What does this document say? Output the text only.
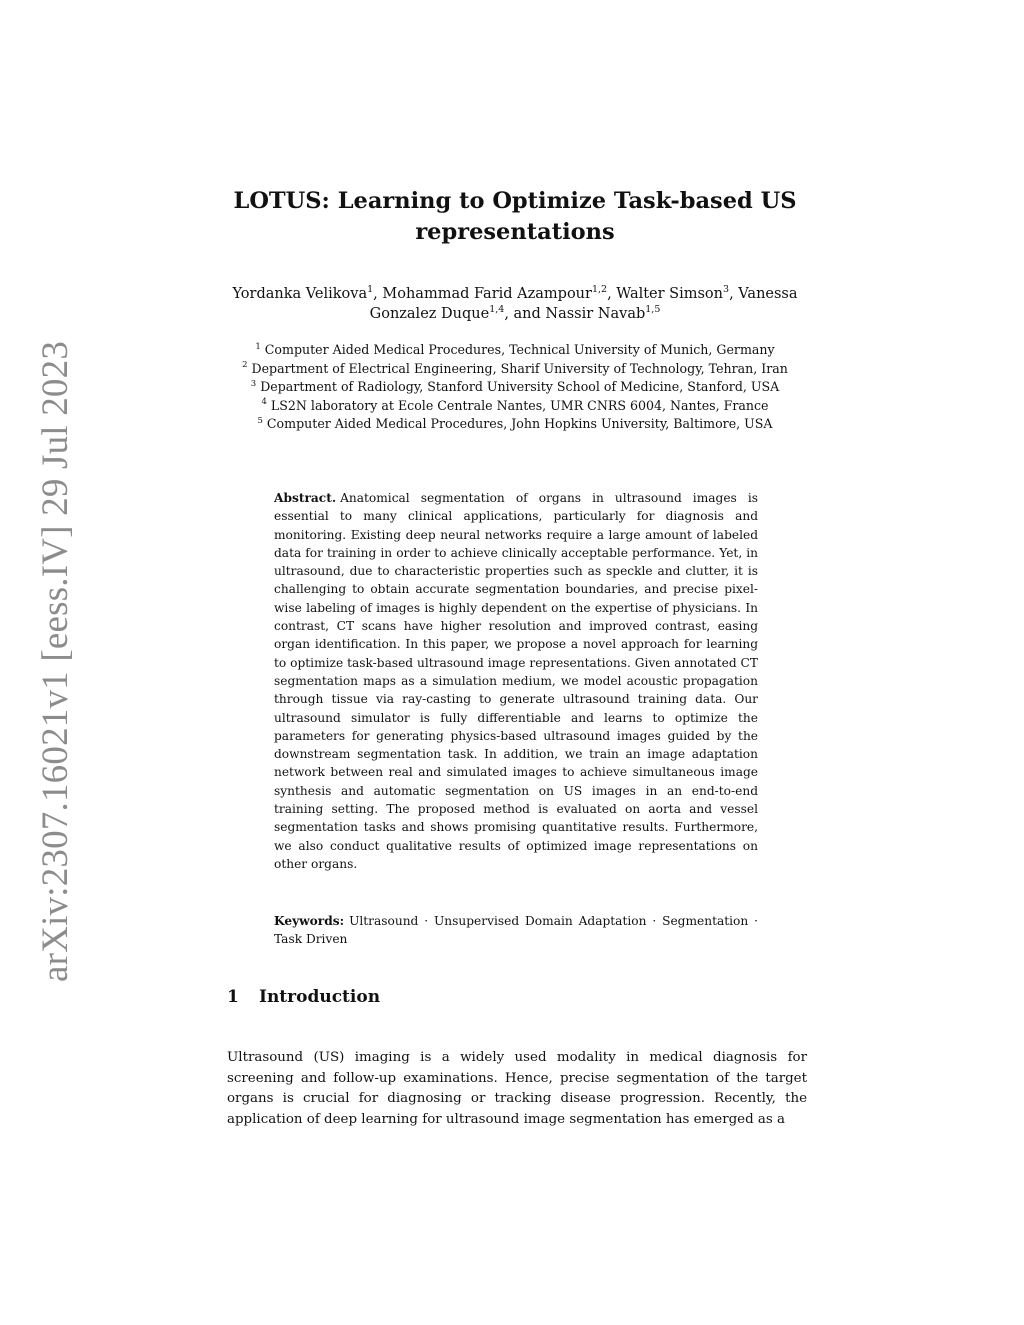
arXiv:2307.16021v1 [eess.IV] 29 Jul 2023
LOTUS: Learning to Optimize Task-based US representations
Yordanka Velikova$^1$, Mohammad Farid Azampour$^{1,2}$, Walter Simson$^3$, Vanessa Gonzalez Duque$^{1,4}$, and Nassir Navab$^{1,5}$
$^1$ Computer Aided Medical Procedures, Technical University of Munich, Germany
$^2$ Department of Electrical Engineering, Sharif University of Technology, Tehran, Iran
$^3$ Department of Radiology, Stanford University School of Medicine, Stanford, USA
$^4$ LS2N laboratory at Ecole Centrale Nantes, UMR CNRS 6004, Nantes, France
$^5$ Computer Aided Medical Procedures, John Hopkins University, Baltimore, USA
Abstract. Anatomical segmentation of organs in ultrasound images is essential to many clinical applications, particularly for diagnosis and monitoring. Existing deep neural networks require a large amount of labeled data for training in order to achieve clinically acceptable performance. Yet, in ultrasound, due to characteristic properties such as speckle and clutter, it is challenging to obtain accurate segmentation boundaries, and precise pixel-wise labeling of images is highly dependent on the expertise of physicians. In contrast, CT scans have higher resolution and improved contrast, easing organ identification. In this paper, we propose a novel approach for learning to optimize task-based ultrasound image representations. Given annotated CT segmentation maps as a simulation medium, we model acoustic propagation through tissue via ray-casting to generate ultrasound training data. Our ultrasound simulator is fully differentiable and learns to optimize the parameters for generating physics-based ultrasound images guided by the downstream segmentation task. In addition, we train an image adaptation network between real and simulated images to achieve simultaneous image synthesis and automatic segmentation on US images in an end-to-end training setting. The proposed method is evaluated on aorta and vessel segmentation tasks and shows promising quantitative results. Furthermore, we also conduct qualitative results of optimized image representations on other organs.
Keywords: Ultrasound · Unsupervised Domain Adaptation · Segmentation · Task Driven
1 Introduction

Ultrasound (US) imaging is a widely used modality in medical diagnosis for screening and follow-up examinations. Hence, precise segmentation of the target organs is crucial for diagnosing or tracking disease progression. Recently, the application of deep learning for ultrasound image segmentation has emerged as a
